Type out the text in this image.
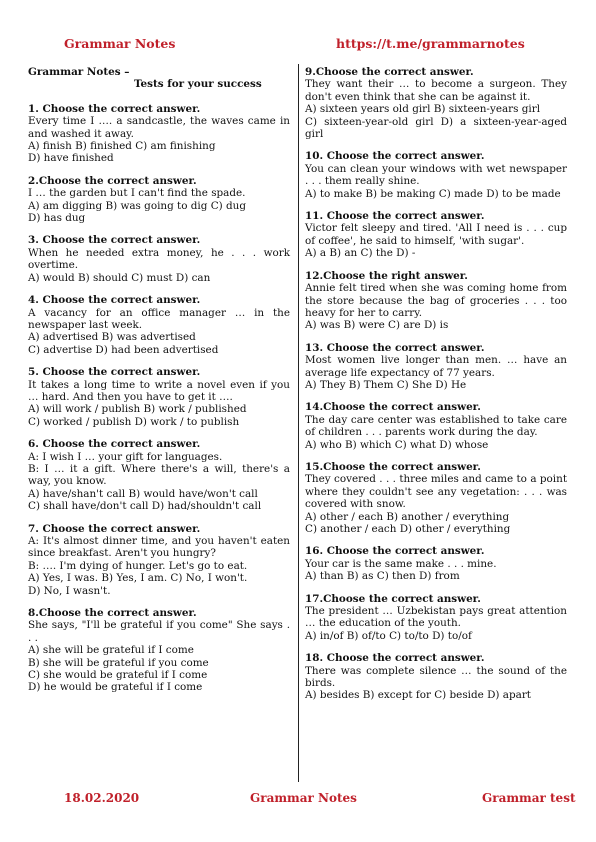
Grammar Notes	https://t.me/grammarnotes
Grammar Notes –
Tests for your success

1. Choose the correct answer.

Every time I …. a sandcastle, the waves came in and washed it away.

A) finish B) finished C) am finishing

D) have finished

2.Choose the correct answer.

I … the garden but I can't find the spade.

A) am digging B) was going to dig C) dug

D) has dug

3. Choose the correct answer.

When he needed extra money, he . . . work overtime.

A) would B) should C) must D) can

4. Choose the correct answer.

A vacancy for an office manager … in the newspaper last week.

A) advertised B) was advertised

C) advertise D) had been advertised

5. Choose the correct answer.

It takes a long time to write a novel even if you … hard. And then you have to get it ….

A) will work / publish B) work / published

C) worked / publish D) work / to publish

6. Choose the correct answer.

A: I wish I … your gift for languages.

B: I … it a gift. Where there's a will, there's a way, you know.

A) have/shan't call B) would have/won't call

C) shall have/don't call D) had/shouldn't call

7. Choose the correct answer.

A: It's almost dinner time, and you haven't eaten since breakfast. Aren't you hungry?

B: …. I'm dying of hunger. Let's go to eat.

A) Yes, I was. B) Yes, I am. C) No, I won't.

D) No, I wasn't.

8.Choose the correct answer.

She says, "I'll be grateful if you come" She says . . .

A) she will be grateful if I come

B) she will be grateful if you come

C) she would be grateful if I come

D) he would be grateful if I come

9.Choose the correct answer.

They want their … to become a surgeon. They don't even think that she can be against it.

A) sixteen years old girl B) sixteen-years girl

C) sixteen-year-old girl D) a sixteen-year-aged girl

10. Choose the correct answer.

You can clean your windows with wet newspaper . . . them really shine.

A) to make B) be making C) made D) to be made

11. Choose the correct answer.

Victor felt sleepy and tired. 'All I need is . . . cup of coffee', he said to himself, 'with sugar'.

A) a B) an C) the D) -

12.Choose the right answer.

Annie felt tired when she was coming home from the store because the bag of groceries . . . too heavy for her to carry.

A) was B) were C) are D) is

13. Choose the correct answer.

Most women live longer than men. … have an average life expectancy of 77 years.

A) They B) Them C) She D) He

14.Choose the correct answer.

The day care center was established to take care of children . . . parents work during the day.

A) who B) which C) what D) whose

15.Choose the correct answer.

They covered . . . three miles and came to a point where they couldn't see any vegetation: . . . was covered with snow.

A) other / each B) another / everything

C) another / each D) other / everything

16. Choose the correct answer.

Your car is the same make . . . mine.

A) than B) as C) then D) from

17.Choose the correct answer.

The president … Uzbekistan pays great attention … the education of the youth.

A) in/of B) of/to C) to/to D) to/of

18. Choose the correct answer.

There was complete silence … the sound of the birds.

A) besides B) except for C) beside D) apart

18.02.2020	Grammar Notes	Grammar test
